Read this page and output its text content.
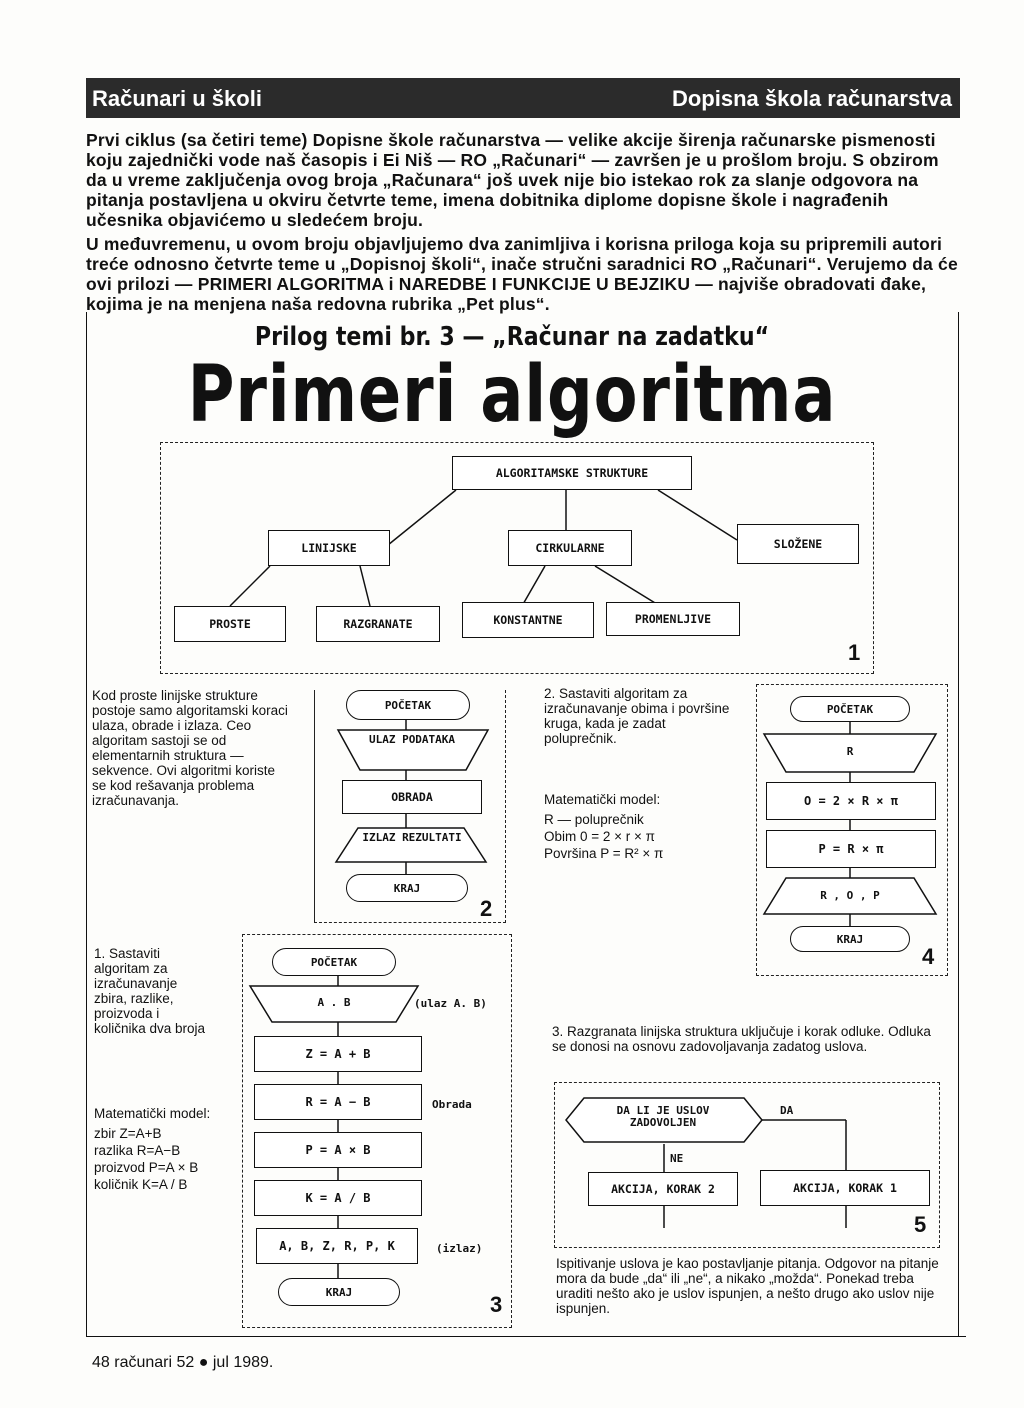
Računari u školi	Dopisna škola računarstva

Prvi ciklus (sa četiri teme) Dopisne škole računarstva — velike akcije širenja računarske pismenosti koju zajednički vode naš časopis i Ei Niš — RO „Računari“ — završen je u prošlom broju. S obzirom da u vreme zaključenja ovog broja „Računara“ još uvek nije bio istekao rok za slanje odgovora na pitanja postavljena u okviru četvrte teme, imena dobitnika diplome dopisne škole i nagrađenih učesnika objavićemo u sledećem broju.

U međuvremenu, u ovom broju objavljujemo dva zanimljiva i korisna priloga koja su pripremili autori treće odnosno četvrte teme u „Dopisnoj školi“, inače stručni saradnici RO „Računari“. Verujemo da će ovi prilozi — PRIMERI ALGORITMA i NAREDBE I FUNKCIJE U BEJZIKU — najviše obradovati đake, kojima je na menjena naša redovna rubrika „Pet plus“.

Prilog temi br. 3 — „Računar na zadatku“
Primeri algoritma
ALGORITAMSKE STRUKTURE
LINIJSKE	CIRKULARNE	SLOŽENE
PROSTE	RAZGRANATE	KONSTANTNE	PROMENLJIVE
1
Kod proste linijske strukture postoje samo algoritamski koraci ulaza, obrade i izlaza. Ceo algoritam sastoji se od elementarnih struktura — sekvence. Ovi algoritmi koriste se kod rešavanja problema izračunavanja.
POČETAK
ULAZ PODATAKA
OBRADA
IZLAZ REZULTATI
KRAJ
2
2. Sastaviti algoritam za izračunavanje obima i površine kruga, kada je zadat poluprečnik.
Matematički model:
R — poluprečnik
Obim 0 = 2 × r × π
Površina P = R² × π
POČETAK
R
O = 2 × R × π
P = R × π
R , O , P
KRAJ
4
1. Sastaviti algoritam za izračunavanje zbira, razlike, proizvoda i količnika dva broja
Matematički model:
zbir Z=A+B
razlika R=A−B
proizvod P=A × B
količnik K=A / B
POČETAK
A . B	(ulaz A. B)
Z = A + B
R = A − B	Obrada
P = A × B
K = A / B
A, B, Z, R, P, K	(izlaz)
KRAJ	3
3. Razgranata linijska struktura uključuje i korak odluke. Odluka se donosi na osnovu zadovoljavanja zadatog uslova.
DA LI JE USLOV ZADOVOLJEN
DA
NE
AKCIJA, KORAK 2	AKCIJA, KORAK 1
5
Ispitivanje uslova je kao postavljanje pitanja. Odgovor na pitanje mora da bude „da“ ili „ne“, a nikako „možda“. Ponekad treba uraditi nešto ako je uslov ispunjen, a nešto drugo ako uslov nije ispunjen.
48 računari 52 ● jul 1989.
